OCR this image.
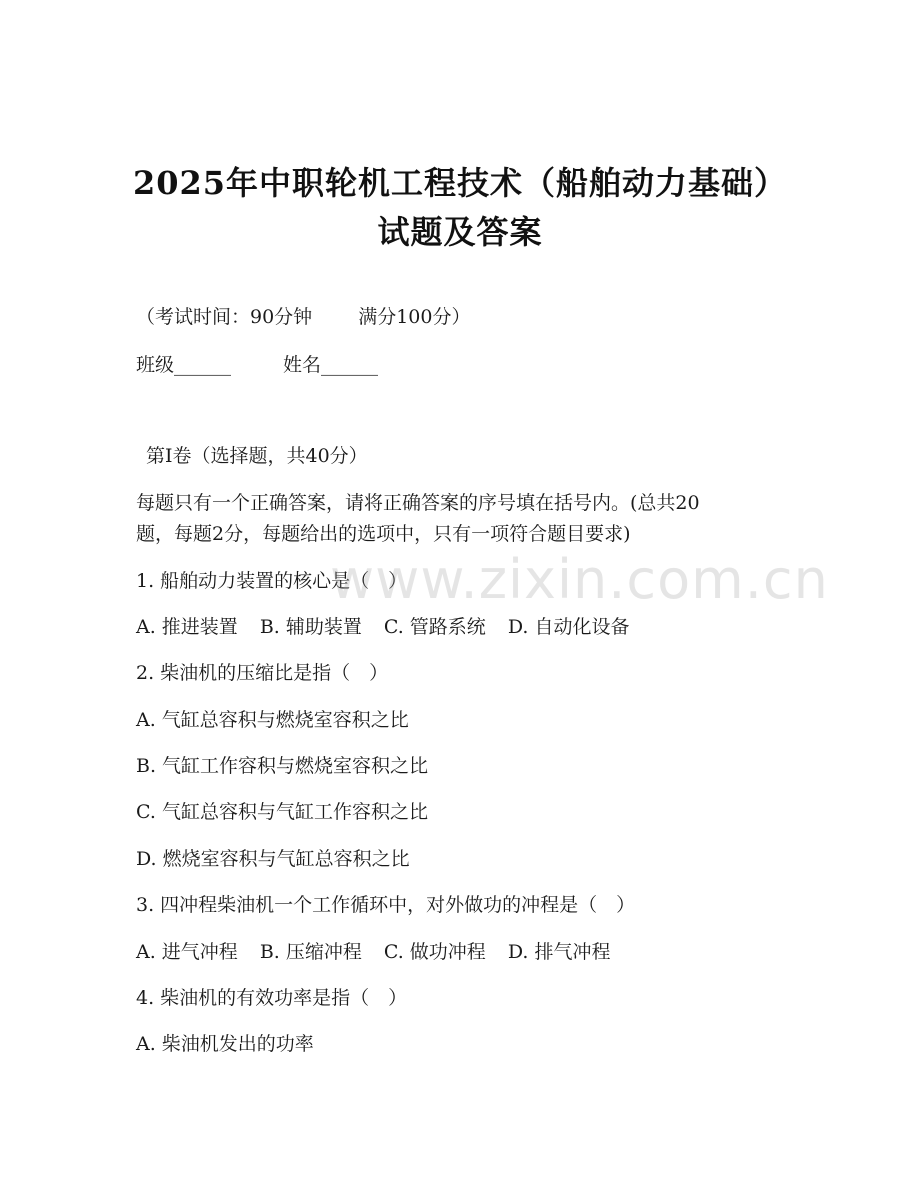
2025年中职轮机工程技术（船舶动力基础）
试题及答案
（考试时间：90分钟 满分100分）
班级______	姓名______
第I卷（选择题，共40分）
每题只有一个正确答案，请将正确答案的序号填在括号内。(总共20
题，每题2分，每题给出的选项中，只有一项符合题目要求)
1. 船舶动力装置的核心是（　）
A. 推进装置 B. 辅助装置 C. 管路系统 D. 自动化设备
2. 柴油机的压缩比是指（　）
A. 气缸总容积与燃烧室容积之比
B. 气缸工作容积与燃烧室容积之比
C. 气缸总容积与气缸工作容积之比
D. 燃烧室容积与气缸总容积之比
3. 四冲程柴油机一个工作循环中，对外做功的冲程是（　）
A. 进气冲程 B. 压缩冲程 C. 做功冲程 D. 排气冲程
4. 柴油机的有效功率是指（　）
A. 柴油机发出的功率
www.zixin.com.cn
